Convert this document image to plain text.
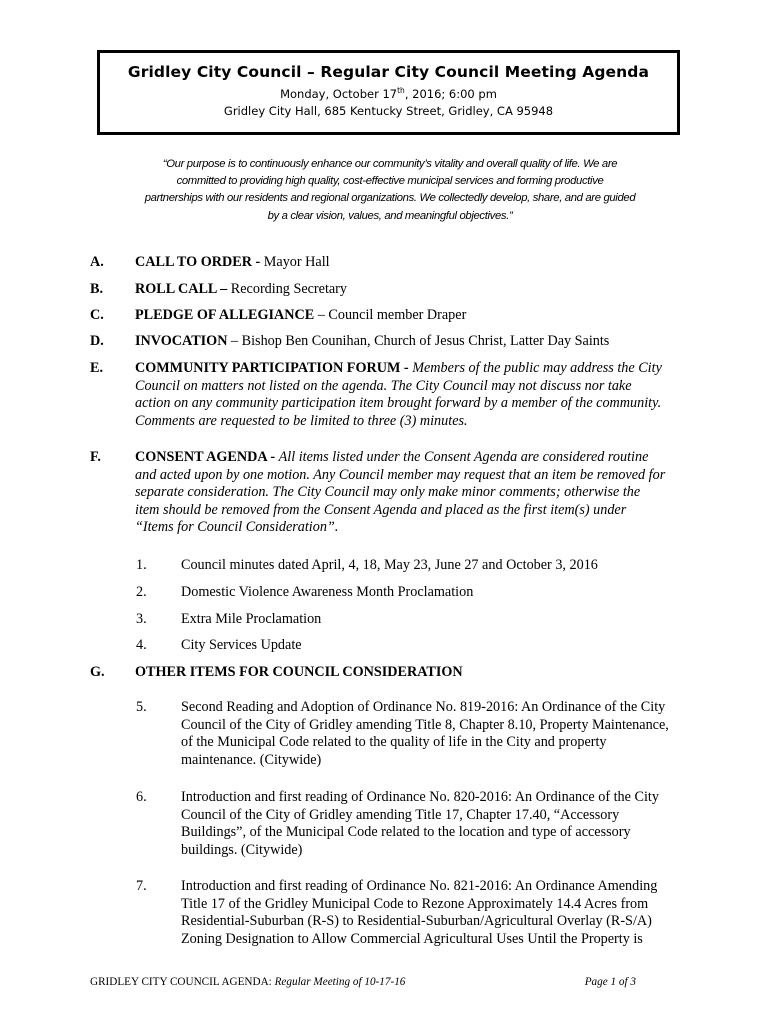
Gridley City Council – Regular City Council Meeting Agenda
Monday, October 17th, 2016; 6:00 pm
Gridley City Hall, 685 Kentucky Street, Gridley, CA 95948
“Our purpose is to continuously enhance our community’s vitality and overall quality of life. We are
committed to providing high quality, cost-effective municipal services and forming productive
partnerships with our residents and regional organizations. We collectedly develop, share, and are guided
by a clear vision, values, and meaningful objectives.”
A. CALL TO ORDER - Mayor Hall
B. ROLL CALL – Recording Secretary
C. PLEDGE OF ALLEGIANCE – Council member Draper
D. INVOCATION – Bishop Ben Counihan, Church of Jesus Christ, Latter Day Saints
E. COMMUNITY PARTICIPATION FORUM - Members of the public may address the City
Council on matters not listed on the agenda. The City Council may not discuss nor take
action on any community participation item brought forward by a member of the community.
Comments are requested to be limited to three (3) minutes.
F. CONSENT AGENDA - All items listed under the Consent Agenda are considered routine
and acted upon by one motion. Any Council member may request that an item be removed for
separate consideration. The City Council may only make minor comments; otherwise the
item should be removed from the Consent Agenda and placed as the first item(s) under
“Items for Council Consideration”.
1. Council minutes dated April, 4, 18, May 23, June 27 and October 3, 2016
2. Domestic Violence Awareness Month Proclamation
3. Extra Mile Proclamation
4. City Services Update
G. OTHER ITEMS FOR COUNCIL CONSIDERATION
5. Second Reading and Adoption of Ordinance No. 819-2016: An Ordinance of the City
Council of the City of Gridley amending Title 8, Chapter 8.10, Property Maintenance,
of the Municipal Code related to the quality of life in the City and property
maintenance. (Citywide)
6. Introduction and first reading of Ordinance No. 820-2016: An Ordinance of the City
Council of the City of Gridley amending Title 17, Chapter 17.40, “Accessory
Buildings”, of the Municipal Code related to the location and type of accessory
buildings. (Citywide)
7. Introduction and first reading of Ordinance No. 821-2016: An Ordinance Amending
Title 17 of the Gridley Municipal Code to Rezone Approximately 14.4 Acres from
Residential-Suburban (R-S) to Residential-Suburban/Agricultural Overlay (R-S/A)
Zoning Designation to Allow Commercial Agricultural Uses Until the Property is
GRIDLEY CITY COUNCIL AGENDA: Regular Meeting of 10-17-16	Page 1 of 3
